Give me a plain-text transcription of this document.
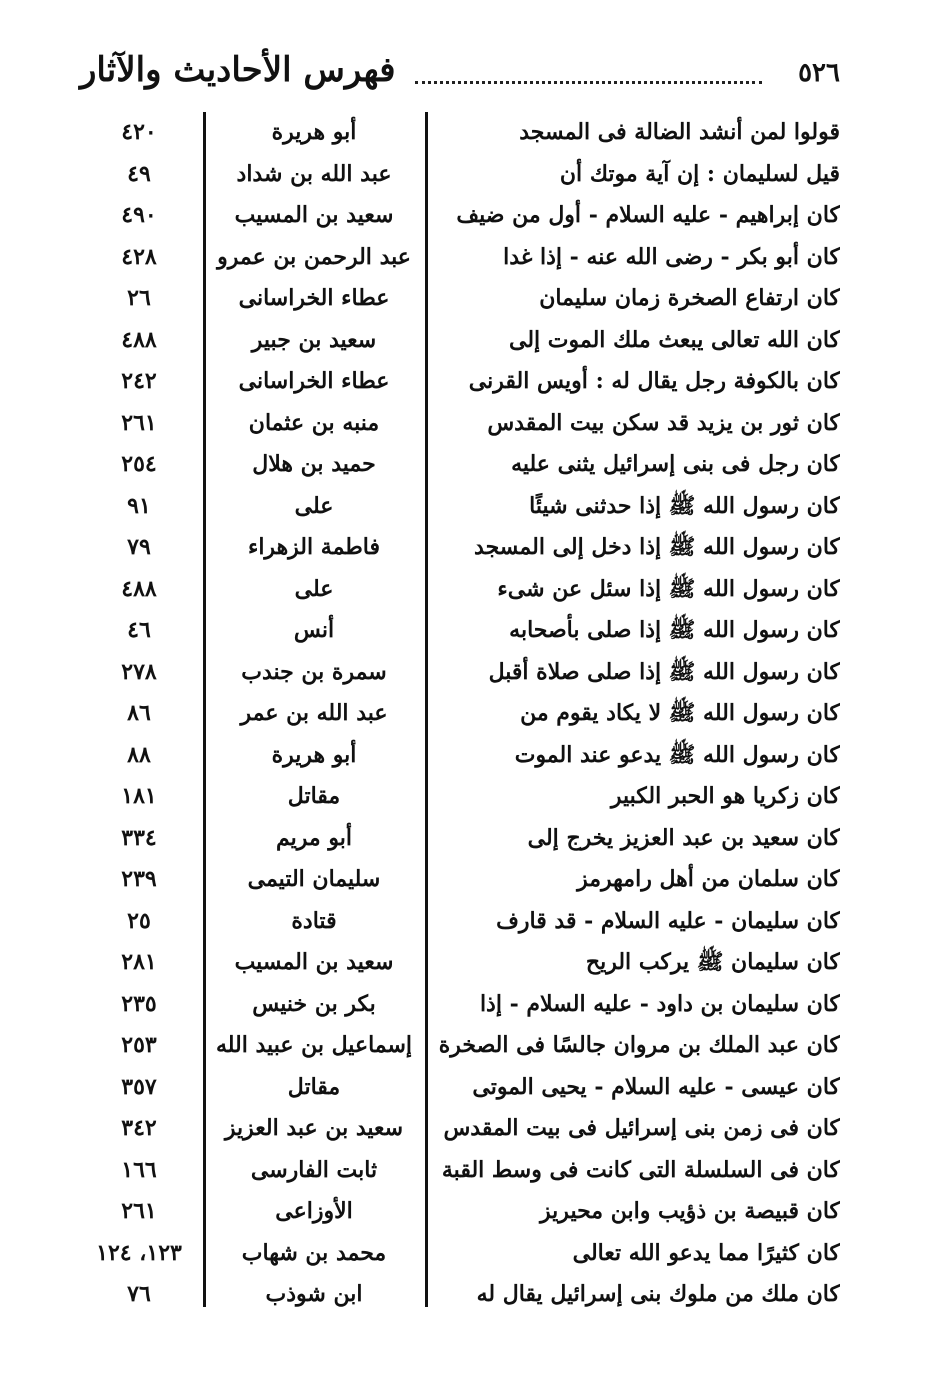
٥٢٦
فهرس الأحاديث والآثار
قولوا لمن أنشد الضالة فى المسجد
أبو هريرة
٤٢٠
قيل لسليمان : إن آية موتك أن
عبد الله بن شداد
٤٩
كان إبراهيم - عليه السلام - أول من ضيف
سعيد بن المسيب
٤٩٠
كان أبو بكر - رضى الله عنه - إذا غدا
عبد الرحمن بن عمرو
٤٢٨
كان ارتفاع الصخرة زمان سليمان
عطاء الخراسانى
٢٦
كان الله تعالى يبعث ملك الموت إلى
سعيد بن جبير
٤٨٨
كان بالكوفة رجل يقال له : أويس القرنى
عطاء الخراسانى
٢٤٢
كان ثور بن يزيد قد سكن بيت المقدس
منبه بن عثمان
٢٦١
كان رجل فى بنى إسرائيل يثنى عليه
حميد بن هلال
٢٥٤
كان رسول الله ﷺ إذا حدثنى شيئًا
على
٩١
كان رسول الله ﷺ إذا دخل إلى المسجد
فاطمة الزهراء
٧٩
كان رسول الله ﷺ إذا سئل عن شىء
على
٤٨٨
كان رسول الله ﷺ إذا صلى بأصحابه
أنس
٤٦
كان رسول الله ﷺ إذا صلى صلاة أقبل
سمرة بن جندب
٢٧٨
كان رسول الله ﷺ لا يكاد يقوم من
عبد الله بن عمر
٨٦
كان رسول الله ﷺ يدعو عند الموت
أبو هريرة
٨٨
كان زكريا هو الحبر الكبير
مقاتل
١٨١
كان سعيد بن عبد العزيز يخرج إلى
أبو مريم
٣٣٤
كان سلمان من أهل رامهرمز
سليمان التيمى
٢٣٩
كان سليمان - عليه السلام - قد قارف
قتادة
٢٥
كان سليمان ﷺ يركب الريح
سعيد بن المسيب
٢٨١
كان سليمان بن داود - عليه السلام - إذا
بكر بن خنيس
٢٣٥
كان عبد الملك بن مروان جالسًا فى الصخرة
إسماعيل بن عبيد الله
٢٥٣
كان عيسى - عليه السلام - يحيى الموتى
مقاتل
٣٥٧
كان فى زمن بنى إسرائيل فى بيت المقدس
سعيد بن عبد العزيز
٣٤٢
كان فى السلسلة التى كانت فى وسط القبة
ثابت الفارسى
١٦٦
كان قبيصة بن ذؤيب وابن محيريز
الأوزاعى
٢٦١
كان كثيرًا مما يدعو الله تعالى
محمد بن شهاب
١٢٣، ١٢٤
كان ملك من ملوك بنى إسرائيل يقال له
ابن شوذب
٧٦
